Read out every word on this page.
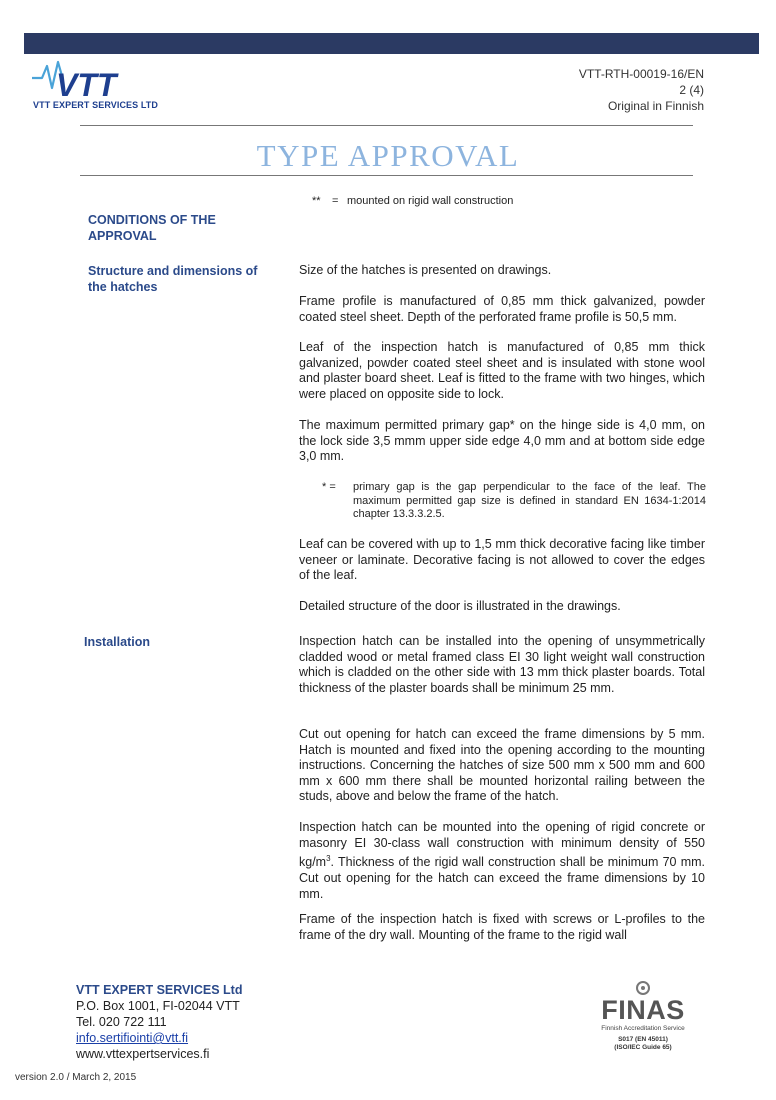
VTT
VTT EXPERT SERVICES LTD
VTT-RTH-00019-16/EN
2 (4)
Original in Finnish
TYPE APPROVAL
** = mounted on rigid wall construction
CONDITIONS OF THE APPROVAL
Structure and dimensions of the hatches
Size of the hatches is presented on drawings.
Frame profile is manufactured of 0,85 mm thick galvanized, powder coated steel sheet. Depth of the perforated frame profile is 50,5 mm.
Leaf of the inspection hatch is manufactured of 0,85 mm thick galvanized, powder coated steel sheet and is insulated with stone wool and plaster board sheet. Leaf is fitted to the frame with two hinges, which were placed on opposite side to lock.
The maximum permitted primary gap* on the hinge side is 4,0 mm, on the lock side 3,5 mmm upper side edge 4,0 mm and at bottom side edge 3,0 mm.
* = primary gap is the gap perpendicular to the face of the leaf. The maximum permitted gap size is defined in standard EN 1634-1:2014 chapter 13.3.3.2.5.
Leaf can be covered with up to 1,5 mm thick decorative facing like timber veneer or laminate. Decorative facing is not allowed to cover the edges of the leaf.
Detailed structure of the door is illustrated in the drawings.
Installation	Inspection hatch can be installed into the opening of unsymmetrically cladded wood or metal framed class EI 30 light weight wall construction which is cladded on the other side with 13 mm thick plaster boards. Total thickness of the plaster boards shall be minimum 25 mm.
Cut out opening for hatch can exceed the frame dimensions by 5 mm. Hatch is mounted and fixed into the opening according to the mounting instructions. Concerning the hatches of size 500 mm x 500 mm and 600 mm x 600 mm there shall be mounted horizontal railing between the studs, above and below the frame of the hatch.
Inspection hatch can be mounted into the opening of rigid concrete or masonry EI 30-class wall construction with minimum density of 550 $kg/m^3$. Thickness of the rigid wall construction shall be minimum 70 mm. Cut out opening for the hatch can exceed the frame dimensions by 10 mm.
Frame of the inspection hatch is fixed with screws or L-profiles to the frame of the dry wall. Mounting of the frame to the rigid wall
VTT EXPERT SERVICES Ltd
P.O. Box 1001, FI-02044 VTT
Tel. 020 722 111
info.sertifiointi@vtt.fi
www.vttexpertservices.fi
version 2.0 / March 2, 2015
FINAS
Finnish Accreditation Service
S017 (EN 45011)
(ISO/IEC Guide 65)
